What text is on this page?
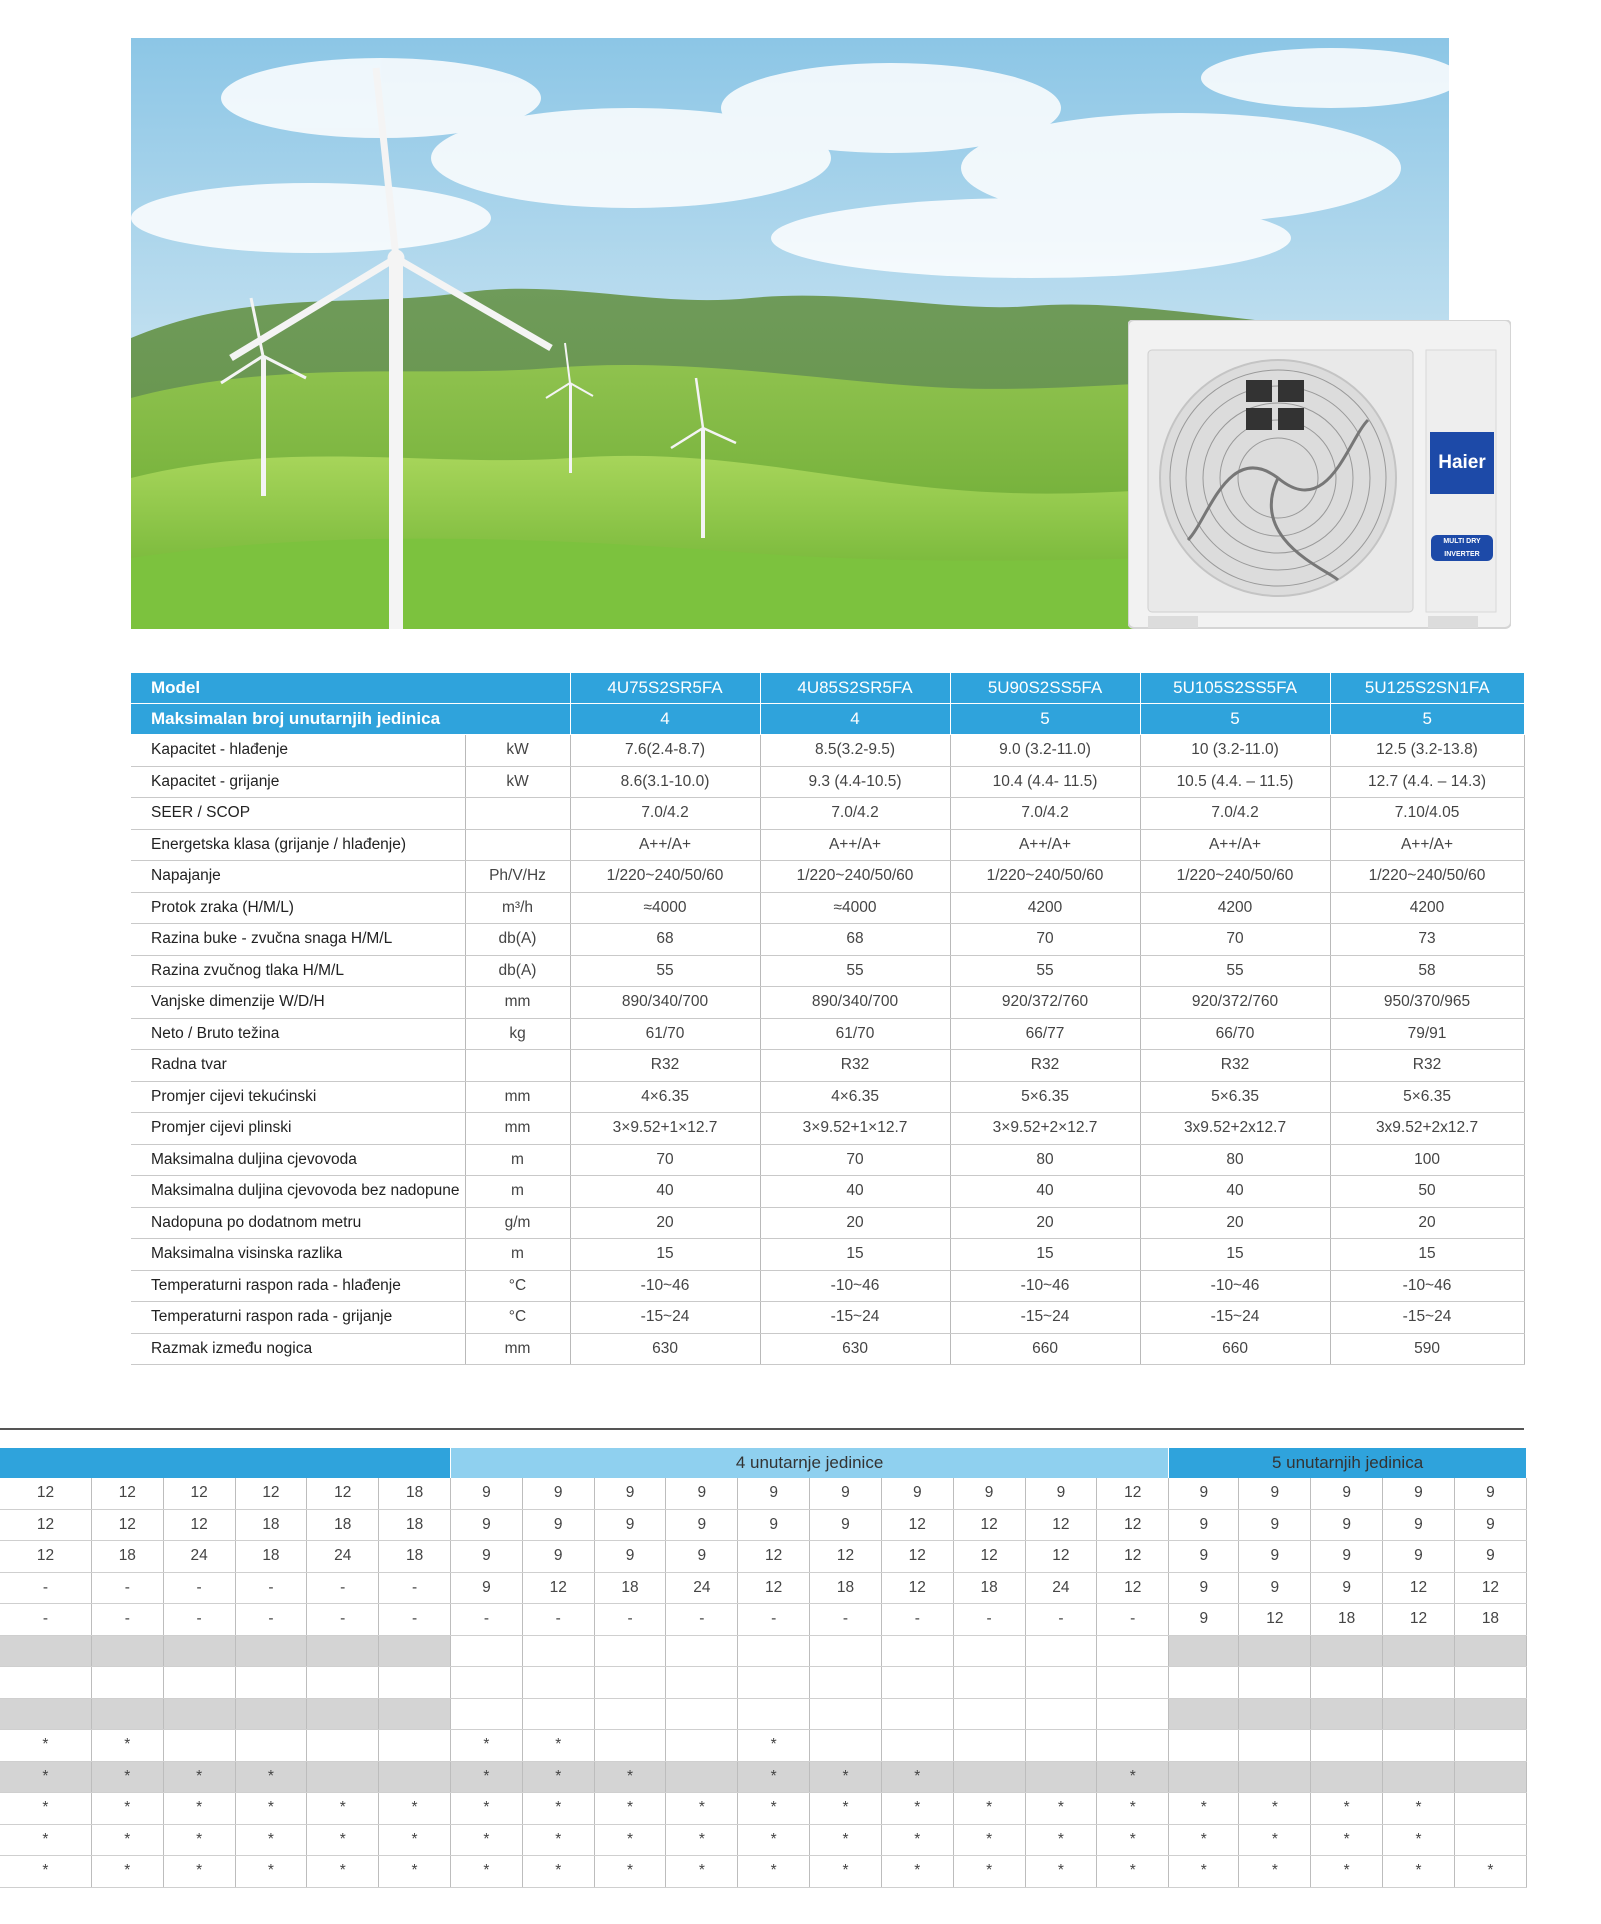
Haier
MULTI DRY INVERTER
Model		4U75S2SR5FA	4U85S2SR5FA	5U90S2SS5FA	5U105S2SS5FA	5U125S2SN1FA
Maksimalan broj unutarnjih jedinica		4	4	5	5	5
Kapacitet - hlađenje	kW	7.6(2.4-8.7)	8.5(3.2-9.5)	9.0 (3.2-11.0)	10 (3.2-11.0)	12.5 (3.2-13.8)
Kapacitet - grijanje	kW	8.6(3.1-10.0)	9.3 (4.4-10.5)	10.4 (4.4- 11.5)	10.5 (4.4. – 11.5)	12.7 (4.4. – 14.3)
SEER / SCOP		7.0/4.2	7.0/4.2	7.0/4.2	7.0/4.2	7.10/4.05
Energetska klasa (grijanje / hlađenje)		A++/A+	A++/A+	A++/A+	A++/A+	A++/A+
Napajanje	Ph/V/Hz	1/220~240/50/60	1/220~240/50/60	1/220~240/50/60	1/220~240/50/60	1/220~240/50/60
Protok zraka (H/M/L)	m³/h	≈4000	≈4000	4200	4200	4200
Razina buke - zvučna snaga H/M/L	db(A)	68	68	70	70	73
Razina zvučnog tlaka H/M/L	db(A)	55	55	55	55	58
Vanjske dimenzije W/D/H	mm	890/340/700	890/340/700	920/372/760	920/372/760	950/370/965
Neto / Bruto težina	kg	61/70	61/70	66/77	66/70	79/91
Radna tvar		R32	R32	R32	R32	R32
Promjer cijevi tekućinski	mm	4×6.35	4×6.35	5×6.35	5×6.35	5×6.35
Promjer cijevi plinski	mm	3×9.52+1×12.7	3×9.52+1×12.7	3×9.52+2×12.7	3x9.52+2x12.7	3x9.52+2x12.7
Maksimalna duljina cjevovoda	m	70	70	80	80	100
Maksimalna duljina cjevovoda bez nadopune	m	40	40	40	40	50
Nadopuna po dodatnom metru	g/m	20	20	20	20	20
Maksimalna visinska razlika	m	15	15	15	15	15
Temperaturni raspon rada - hlađenje	°C	-10~46	-10~46	-10~46	-10~46	-10~46
Temperaturni raspon rada - grijanje	°C	-15~24	-15~24	-15~24	-15~24	-15~24
Razmak između nogica	mm	630	630	660	660	590
						4 unutarnje jedinice										5 unutarnjih jedinica				
12	12	12	12	12	18	9	9	9	9	9	9	9	9	9	12	9	9	9	9	9
12	12	12	18	18	18	9	9	9	9	9	9	12	12	12	12	9	9	9	9	9
12	18	24	18	24	18	9	9	9	9	12	12	12	12	12	12	9	9	9	9	9
-	-	-	-	-	-	9	12	18	24	12	18	12	18	24	12	9	9	9	12	12
-	-	-	-	-	-	-	-	-	-	-	-	-	-	-	-	9	12	18	12	18

*	*					*	*			*										
*	*	*	*			*	*	*		*	*	*			*					
*	*	*	*	*	*	*	*	*	*	*	*	*	*	*	*	*	*	*	*	
*	*	*	*	*	*	*	*	*	*	*	*	*	*	*	*	*	*	*	*	
*	*	*	*	*	*	*	*	*	*	*	*	*	*	*	*	*	*	*	*	*
